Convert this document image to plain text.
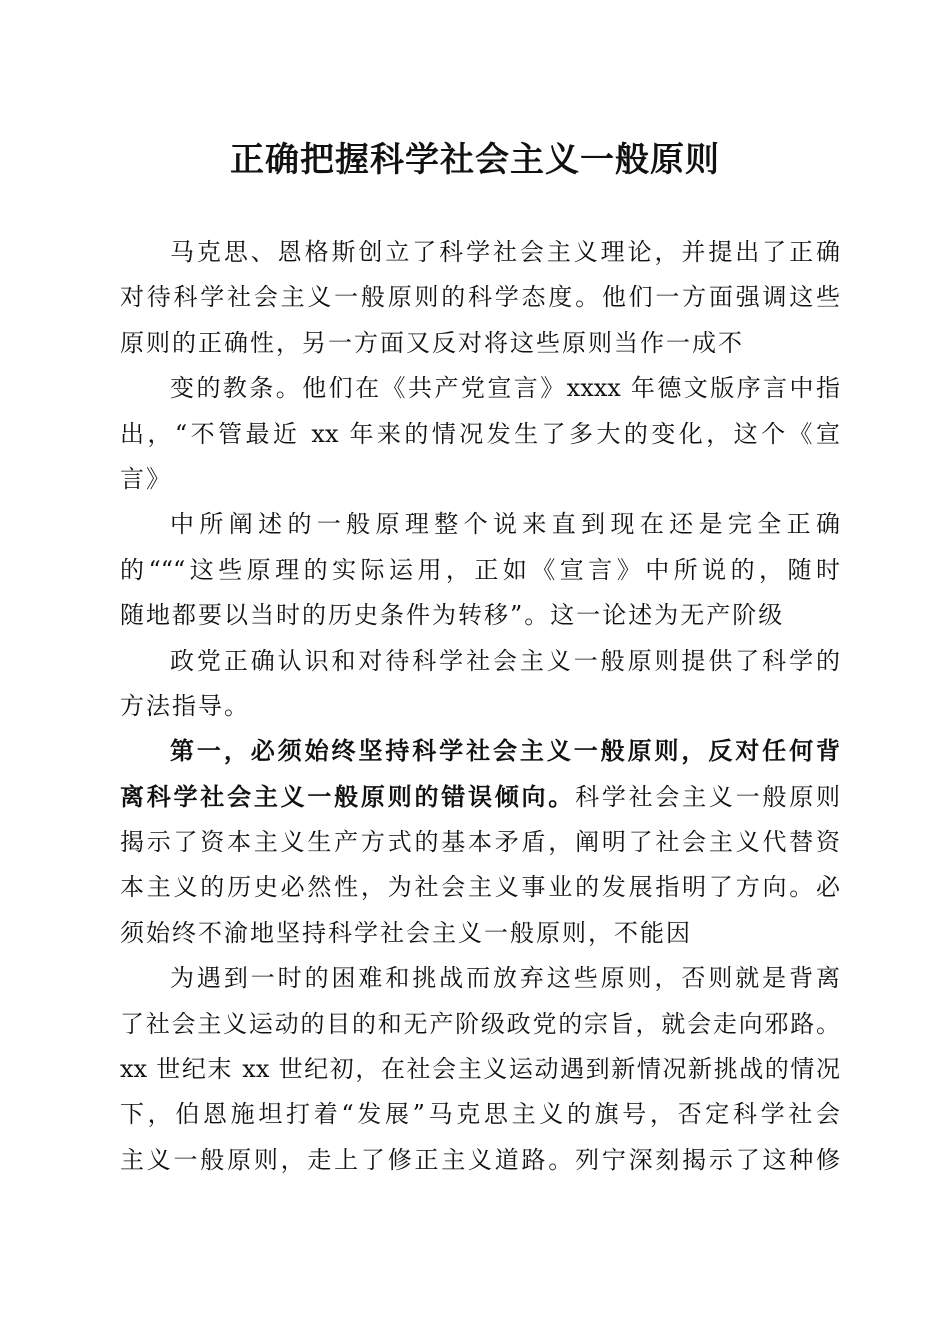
正确把握科学社会主义一般原则
马克思、恩格斯创立了科学社会主义理论，并提出了正确
对待科学社会主义一般原则的科学态度。他们一方面强调这些
原则的正确性，另一方面又反对将这些原则当作一成不
变的教条。他们在《共产党宣言》xxxx 年德文版序言中指
出，“不管最近 xx 年来的情况发生了多大的变化，这个《宣
言》
中所阐述的一般原理整个说来直到现在还是完全正确
的“““这些原理的实际运用，正如《宣言》中所说的，随时
随地都要以当时的历史条件为转移”。这一论述为无产阶级
政党正确认识和对待科学社会主义一般原则提供了科学的
方法指导。
第一，必须始终坚持科学社会主义一般原则，反对任何背
离科学社会主义一般原则的错误倾向。科学社会主义一般原则
揭示了资本主义生产方式的基本矛盾，阐明了社会主义代替资
本主义的历史必然性，为社会主义事业的发展指明了方向。必
须始终不渝地坚持科学社会主义一般原则，不能因
为遇到一时的困难和挑战而放弃这些原则，否则就是背离
了社会主义运动的目的和无产阶级政党的宗旨，就会走向邪路。
xx 世纪末 xx 世纪初，在社会主义运动遇到新情况新挑战的情况
下，伯恩施坦打着“发展”马克思主义的旗号，否定科学社会
主义一般原则，走上了修正主义道路。列宁深刻揭示了这种修
